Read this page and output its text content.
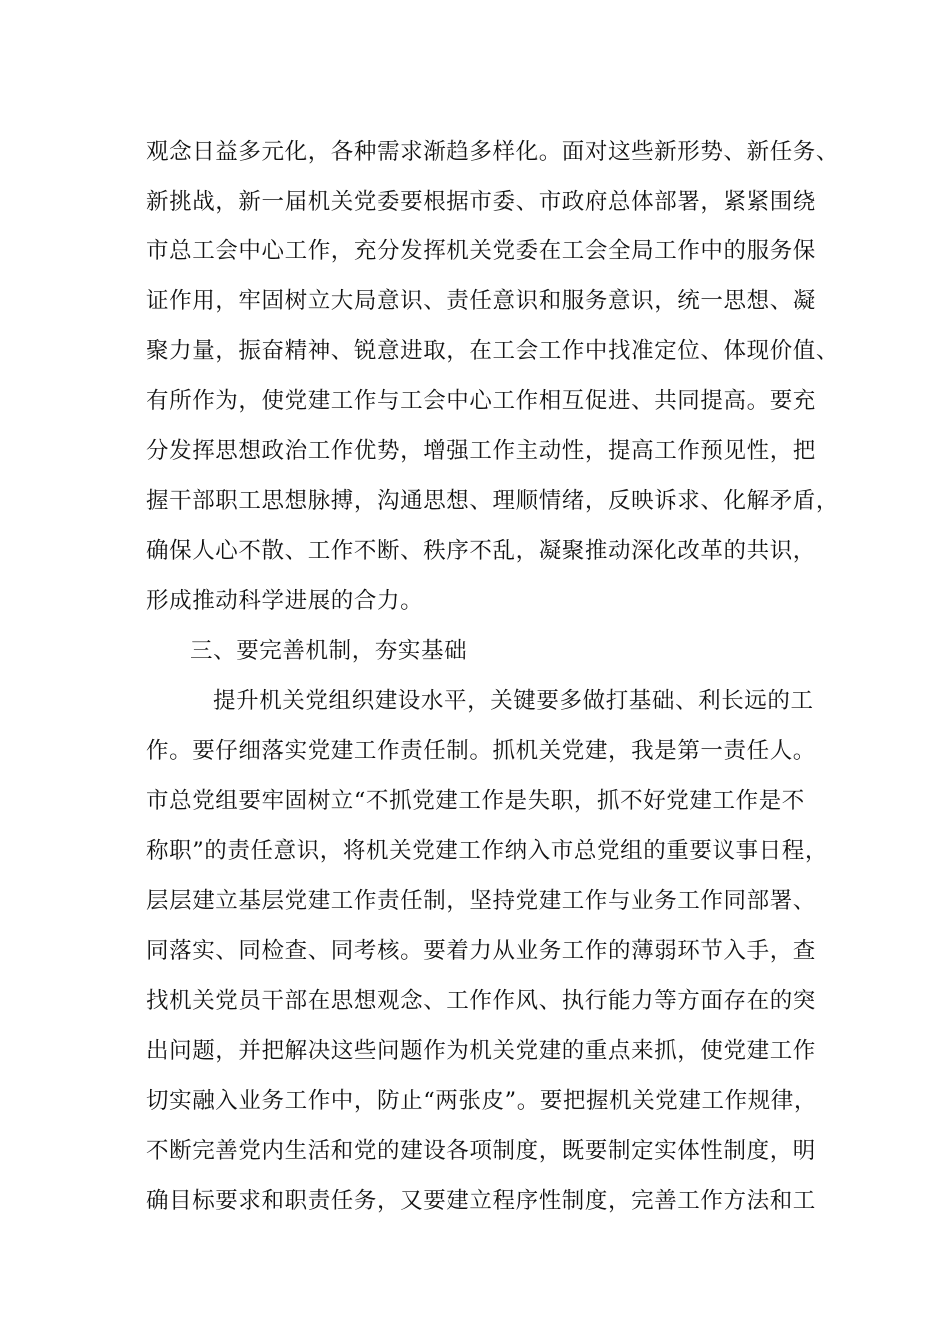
观念日益多元化，各种需求渐趋多样化。面对这些新形势、新任务、
新挑战，新一届机关党委要根据市委、市政府总体部署，紧紧围绕
市总工会中心工作，充分发挥机关党委在工会全局工作中的服务保
证作用，牢固树立大局意识、责任意识和服务意识，统一思想、凝
聚力量，振奋精神、锐意进取，在工会工作中找准定位、体现价值、
有所作为，使党建工作与工会中心工作相互促进、共同提高。要充
分发挥思想政治工作优势，增强工作主动性，提高工作预见性，把
握干部职工思想脉搏，沟通思想、理顺情绪，反映诉求、化解矛盾，
确保人心不散、工作不断、秩序不乱，凝聚推动深化改革的共识，
形成推动科学进展的合力。
三、要完善机制，夯实基础
提升机关党组织建设水平，关键要多做打基础、利长远的工
作。要仔细落实党建工作责任制。抓机关党建，我是第一责任人。
市总党组要牢固树立“不抓党建工作是失职，抓不好党建工作是不
称职”的责任意识，将机关党建工作纳入市总党组的重要议事日程，
层层建立基层党建工作责任制，坚持党建工作与业务工作同部署、
同落实、同检查、同考核。要着力从业务工作的薄弱环节入手，查
找机关党员干部在思想观念、工作作风、执行能力等方面存在的突
出问题，并把解决这些问题作为机关党建的重点来抓，使党建工作
切实融入业务工作中，防止“两张皮”。要把握机关党建工作规律，
不断完善党内生活和党的建设各项制度，既要制定实体性制度，明
确目标要求和职责任务，又要建立程序性制度，完善工作方法和工
